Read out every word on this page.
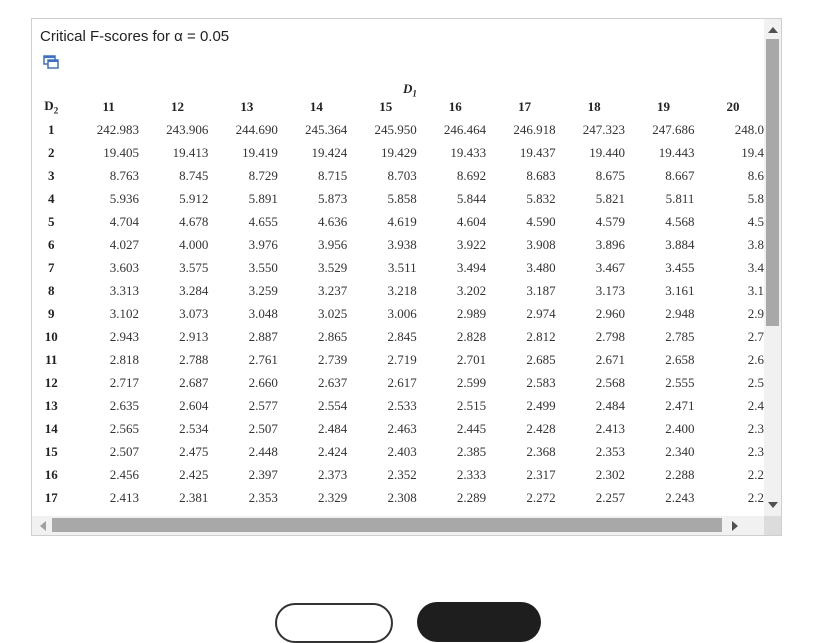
Critical F-scores for α = 0.05
$D_1$
$D_2$	11	12	13	14	15	16	17	18	19	20
1	242.983	243.906	244.690	245.364	245.950	246.464	246.918	247.323	247.686	248.0
2	19.405	19.413	19.419	19.424	19.429	19.433	19.437	19.440	19.443	19.4
3	8.763	8.745	8.729	8.715	8.703	8.692	8.683	8.675	8.667	8.6
4	5.936	5.912	5.891	5.873	5.858	5.844	5.832	5.821	5.811	5.8
5	4.704	4.678	4.655	4.636	4.619	4.604	4.590	4.579	4.568	4.5
6	4.027	4.000	3.976	3.956	3.938	3.922	3.908	3.896	3.884	3.8
7	3.603	3.575	3.550	3.529	3.511	3.494	3.480	3.467	3.455	3.4
8	3.313	3.284	3.259	3.237	3.218	3.202	3.187	3.173	3.161	3.1
9	3.102	3.073	3.048	3.025	3.006	2.989	2.974	2.960	2.948	2.9
10	2.943	2.913	2.887	2.865	2.845	2.828	2.812	2.798	2.785	2.7
11	2.818	2.788	2.761	2.739	2.719	2.701	2.685	2.671	2.658	2.6
12	2.717	2.687	2.660	2.637	2.617	2.599	2.583	2.568	2.555	2.5
13	2.635	2.604	2.577	2.554	2.533	2.515	2.499	2.484	2.471	2.4
14	2.565	2.534	2.507	2.484	2.463	2.445	2.428	2.413	2.400	2.3
15	2.507	2.475	2.448	2.424	2.403	2.385	2.368	2.353	2.340	2.3
16	2.456	2.425	2.397	2.373	2.352	2.333	2.317	2.302	2.288	2.2
17	2.413	2.381	2.353	2.329	2.308	2.289	2.272	2.257	2.243	2.2
